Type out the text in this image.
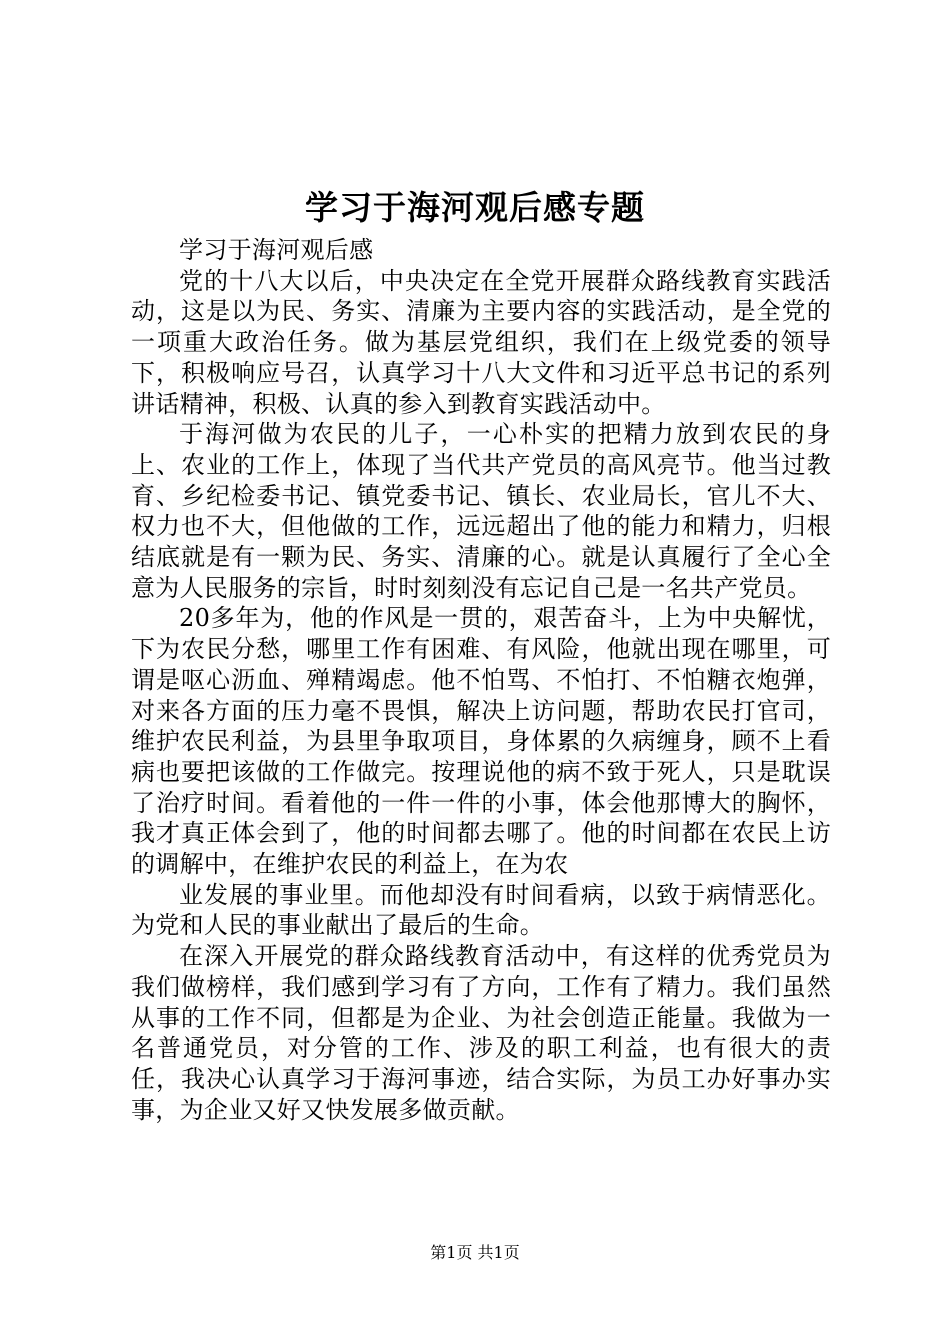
学习于海河观后感专题

学习于海河观后感

党的十八大以后，中央决定在全党开展群众路线教育实践活动，这是以为民、务实、清廉为主要内容的实践活动，是全党的一项重大政治任务。做为基层党组织，我们在上级党委的领导下，积极响应号召，认真学习十八大文件和习近平总书记的系列讲话精神，积极、认真的参入到教育实践活动中。

于海河做为农民的儿子，一心朴实的把精力放到农民的身上、农业的工作上，体现了当代共产党员的高风亮节。他当过教育、乡纪检委书记、镇党委书记、镇长、农业局长，官儿不大、权力也不大，但他做的工作，远远超出了他的能力和精力，归根结底就是有一颗为民、务实、清廉的心。就是认真履行了全心全意为人民服务的宗旨，时时刻刻没有忘记自己是一名共产党员。

20多年为，他的作风是一贯的，艰苦奋斗，上为中央解忧，下为农民分愁，哪里工作有困难、有风险，他就出现在哪里，可谓是呕心沥血、殚精竭虑。他不怕骂、不怕打、不怕糖衣炮弹，对来各方面的压力毫不畏惧，解决上访问题，帮助农民打官司，维护农民利益，为县里争取项目，身体累的久病缠身，顾不上看病也要把该做的工作做完。按理说他的病不致于死人，只是耽误了治疗时间。看着他的一件一件的小事，体会他那博大的胸怀，我才真正体会到了，他的时间都去哪了。他的时间都在农民上访的调解中，在维护农民的利益上，在为农

业发展的事业里。而他却没有时间看病，以致于病情恶化。为党和人民的事业献出了最后的生命。

在深入开展党的群众路线教育活动中，有这样的优秀党员为我们做榜样，我们感到学习有了方向，工作有了精力。我们虽然从事的工作不同，但都是为企业、为社会创造正能量。我做为一名普通党员，对分管的工作、涉及的职工利益，也有很大的责任，我决心认真学习于海河事迹，结合实际，为员工办好事办实事，为企业又好又快发展多做贡献。

第1页 共1页
